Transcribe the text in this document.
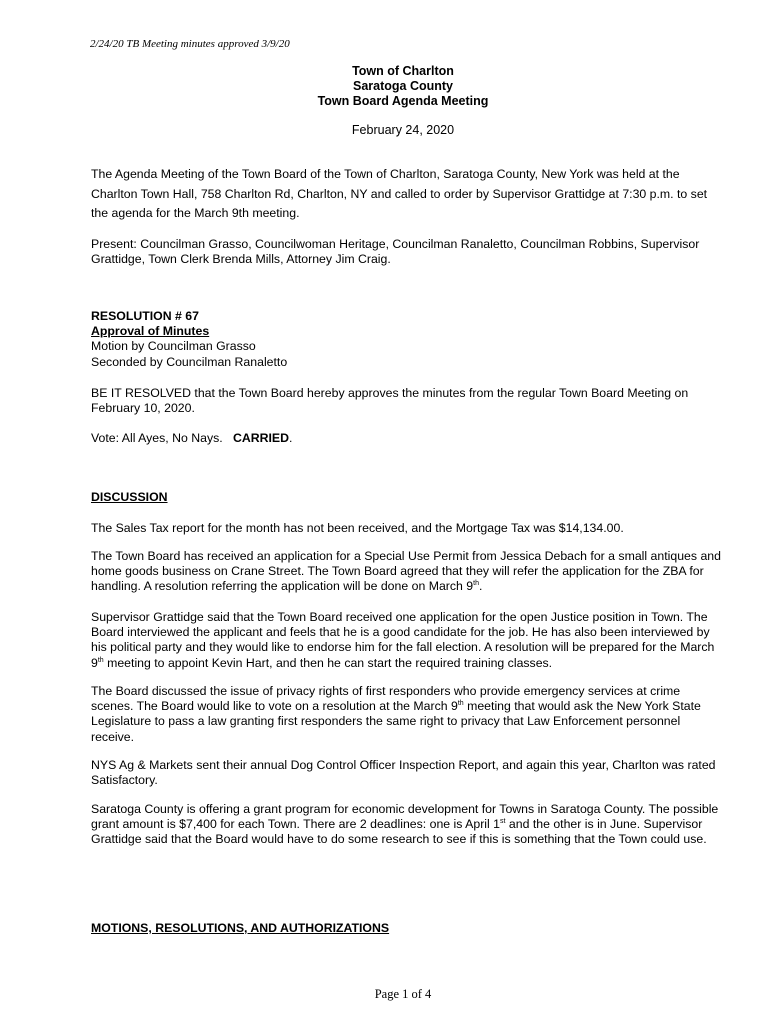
2/24/20 TB Meeting minutes approved 3/9/20
Town of Charlton
Saratoga County
Town Board Agenda Meeting
February 24, 2020
The Agenda Meeting of the Town Board of the Town of Charlton, Saratoga County, New York was held at the Charlton Town Hall, 758 Charlton Rd, Charlton, NY and called to order by Supervisor Grattidge at 7:30 p.m. to set the agenda for the March 9th meeting.
Present: Councilman Grasso, Councilwoman Heritage, Councilman Ranaletto, Councilman Robbins, Supervisor Grattidge, Town Clerk Brenda Mills, Attorney Jim Craig.
RESOLUTION # 67
Approval of Minutes
Motion by Councilman Grasso
Seconded by Councilman Ranaletto
BE IT RESOLVED that the Town Board hereby approves the minutes from the regular Town Board Meeting on February 10, 2020.
Vote: All Ayes, No Nays. CARRIED.
DISCUSSION
The Sales Tax report for the month has not been received, and the Mortgage Tax was $14,134.00.
The Town Board has received an application for a Special Use Permit from Jessica Debach for a small antiques and home goods business on Crane Street. The Town Board agreed that they will refer the application for the ZBA for handling. A resolution referring the application will be done on March 9th.
Supervisor Grattidge said that the Town Board received one application for the open Justice position in Town. The Board interviewed the applicant and feels that he is a good candidate for the job. He has also been interviewed by his political party and they would like to endorse him for the fall election. A resolution will be prepared for the March 9th meeting to appoint Kevin Hart, and then he can start the required training classes.
The Board discussed the issue of privacy rights of first responders who provide emergency services at crime scenes. The Board would like to vote on a resolution at the March 9th meeting that would ask the New York State Legislature to pass a law granting first responders the same right to privacy that Law Enforcement personnel receive.
NYS Ag & Markets sent their annual Dog Control Officer Inspection Report, and again this year, Charlton was rated Satisfactory.
Saratoga County is offering a grant program for economic development for Towns in Saratoga County. The possible grant amount is $7,400 for each Town. There are 2 deadlines: one is April 1st and the other is in June. Supervisor Grattidge said that the Board would have to do some research to see if this is something that the Town could use.
MOTIONS, RESOLUTIONS, AND AUTHORIZATIONS
Page 1 of 4
